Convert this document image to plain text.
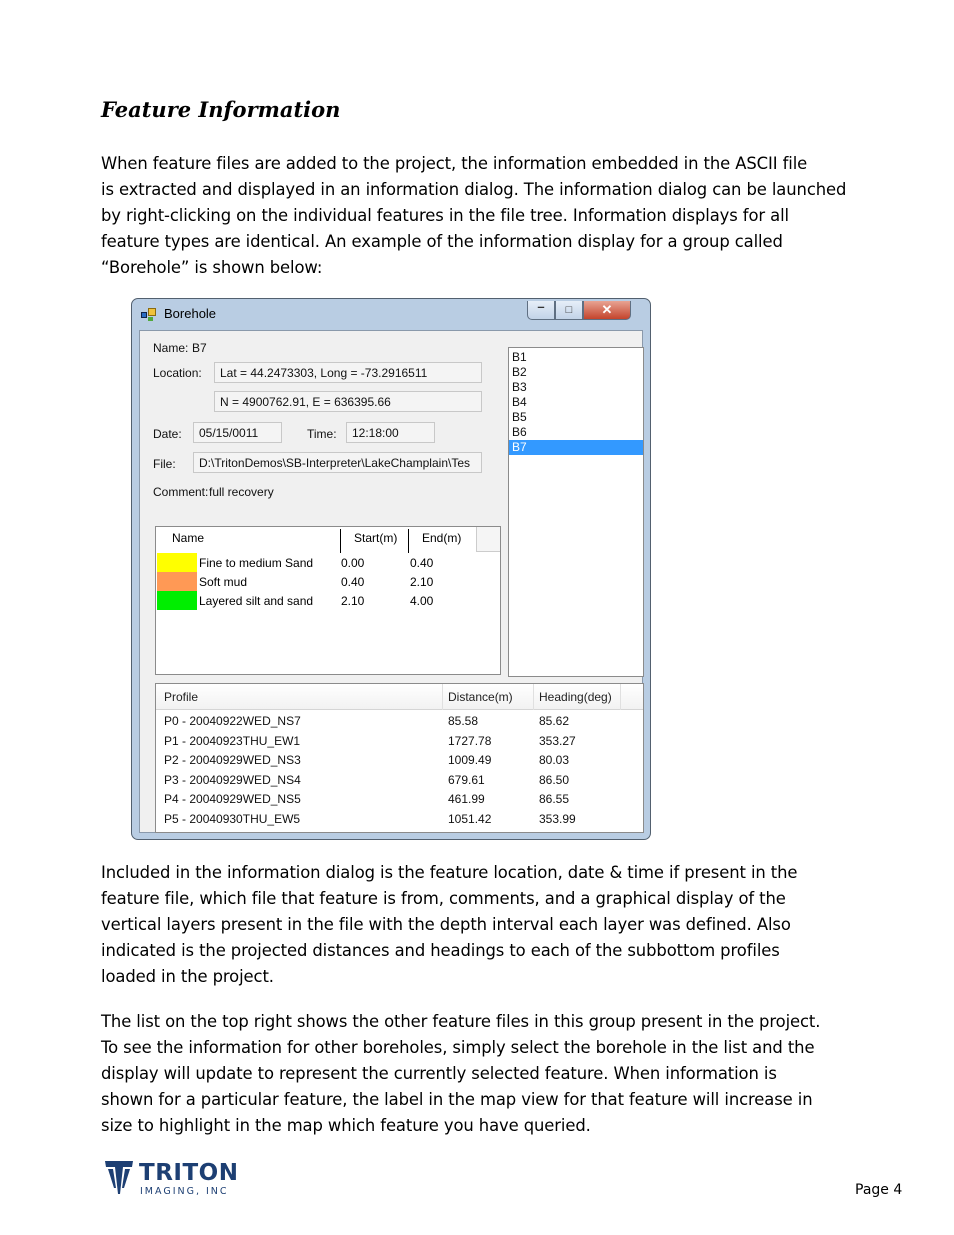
Feature Information
When feature files are added to the project, the information embedded in the ASCII file
is extracted and displayed in an information dialog. The information dialog can be launched
by right-clicking on the individual features in the file tree. Information displays for all
feature types are identical. An example of the information display for a group called
“Borehole” is shown below:
Borehole	–	□	✕
Name: B7
Location:	Lat = 44.2473303, Long = -73.2916511
N = 4900762.91, E = 636395.66
Date:	05/15/0011	Time:	12:18:00
File:	D:\TritonDemos\SB-Interpreter\LakeChamplain\Tes
Comment: full recovery
B1
B2
B3
B4
B5
B6
B7
Name	Start(m) End(m)
Fine to medium Sand 0.00	0.40
Soft mud	0.40	2.10
Layered silt and sand 2.10	4.00
Profile	Distance(m) Heading(deg)
P0 - 20040922WED_NS7	85.58	85.62
P1 - 20040923THU_EW1	1727.78	353.27
P2 - 20040929WED_NS3	1009.49	80.03
P3 - 20040929WED_NS4	679.61	86.50
P4 - 20040929WED_NS5	461.99	86.55
P5 - 20040930THU_EW5	1051.42	353.99
Included in the information dialog is the feature location, date & time if present in the
feature file, which file that feature is from, comments, and a graphical display of the
vertical layers present in the file with the depth interval each layer was defined. Also
indicated is the projected distances and headings to each of the subbottom profiles
loaded in the project.
The list on the top right shows the other feature files in this group present in the project.
To see the information for other boreholes, simply select the borehole in the list and the
display will update to represent the currently selected feature. When information is
shown for a particular feature, the label in the map view for that feature will increase in
size to highlight in the map which feature you have queried.
TRITON
IMAGING, INC	Page 4
